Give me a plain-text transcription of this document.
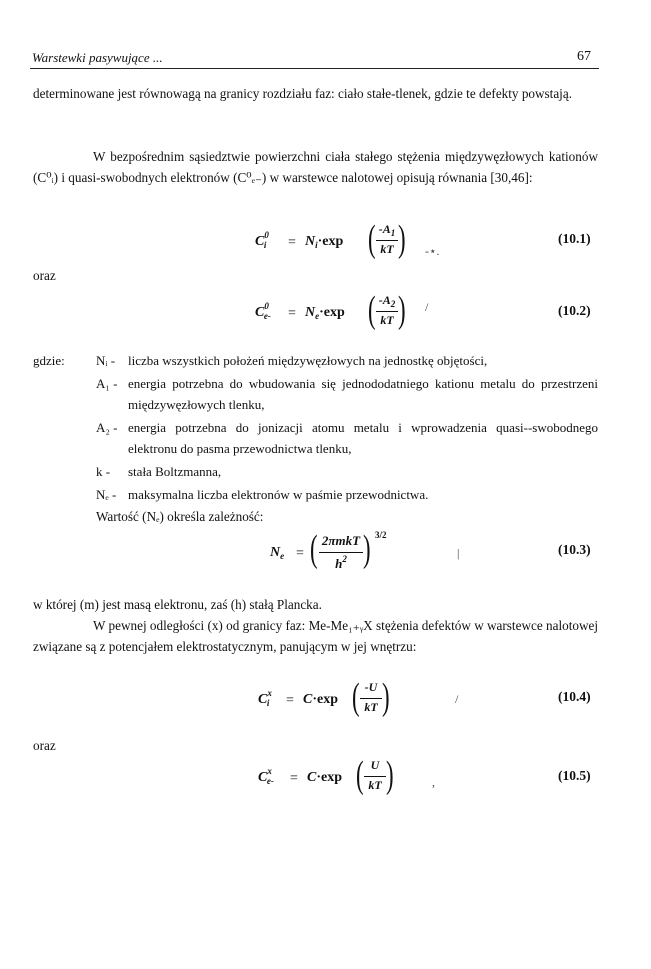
Warstewki pasywujące ...	67
determinowane jest równowagą na granicy rozdziału faz: ciało stałe-tlenek, gdzie te defekty powstają.
W bezpośrednim sąsiedztwie powierzchni ciała stałego stężenia międzywęzłowych kationów (C⁰ᵢ) i quasi-swobodnych elektronów (C⁰ₑ₋) w warstewce nalotowej opisują równania [30,46]:
$C^0_i = N_i\cdot\exp$ ( $-A_1$
kT )	(10.1)
-⋆.
oraz
$C^0_{e-} = N_e\cdot\exp$ ( $-A_2$
kT )	(10.2)
/
gdzie: Nᵢ - liczba wszystkich położeń międzywęzłowych na jednostkę objętości,
A₁ - energia potrzebna do wbudowania się jednododatniego kationu metalu do przestrzeni międzywęzłowych tlenku,
A₂ - energia potrzebna do jonizacji atomu metalu i wprowadzenia quasi--swobodnego elektronu do pasma przewodnictwa tlenku,
k - stała Boltzmanna,
Nₑ - maksymalna liczba elektronów w paśmie przewodnictwa.
Wartość (Nₑ) określa zależność:
$N_e$ = ( 2πmkT
$h^2$ ) 3/2
(10.3)
|
w której (m) jest masą elektronu, zaś (h) stałą Plancka.
W pewnej odległości (x) od granicy faz: Me-Me₁₊ᵧX stężenia defektów w warstewce nalotowej związane są z potencjałem elektrostatycznym, panującym w jej wnętrzu:
$C^x_i = C\cdot\exp$ ( -U
kT )	(10.4)
/
oraz
$C^x_{e-} = C\cdot\exp$ ( U
kT )	(10.5)
,
